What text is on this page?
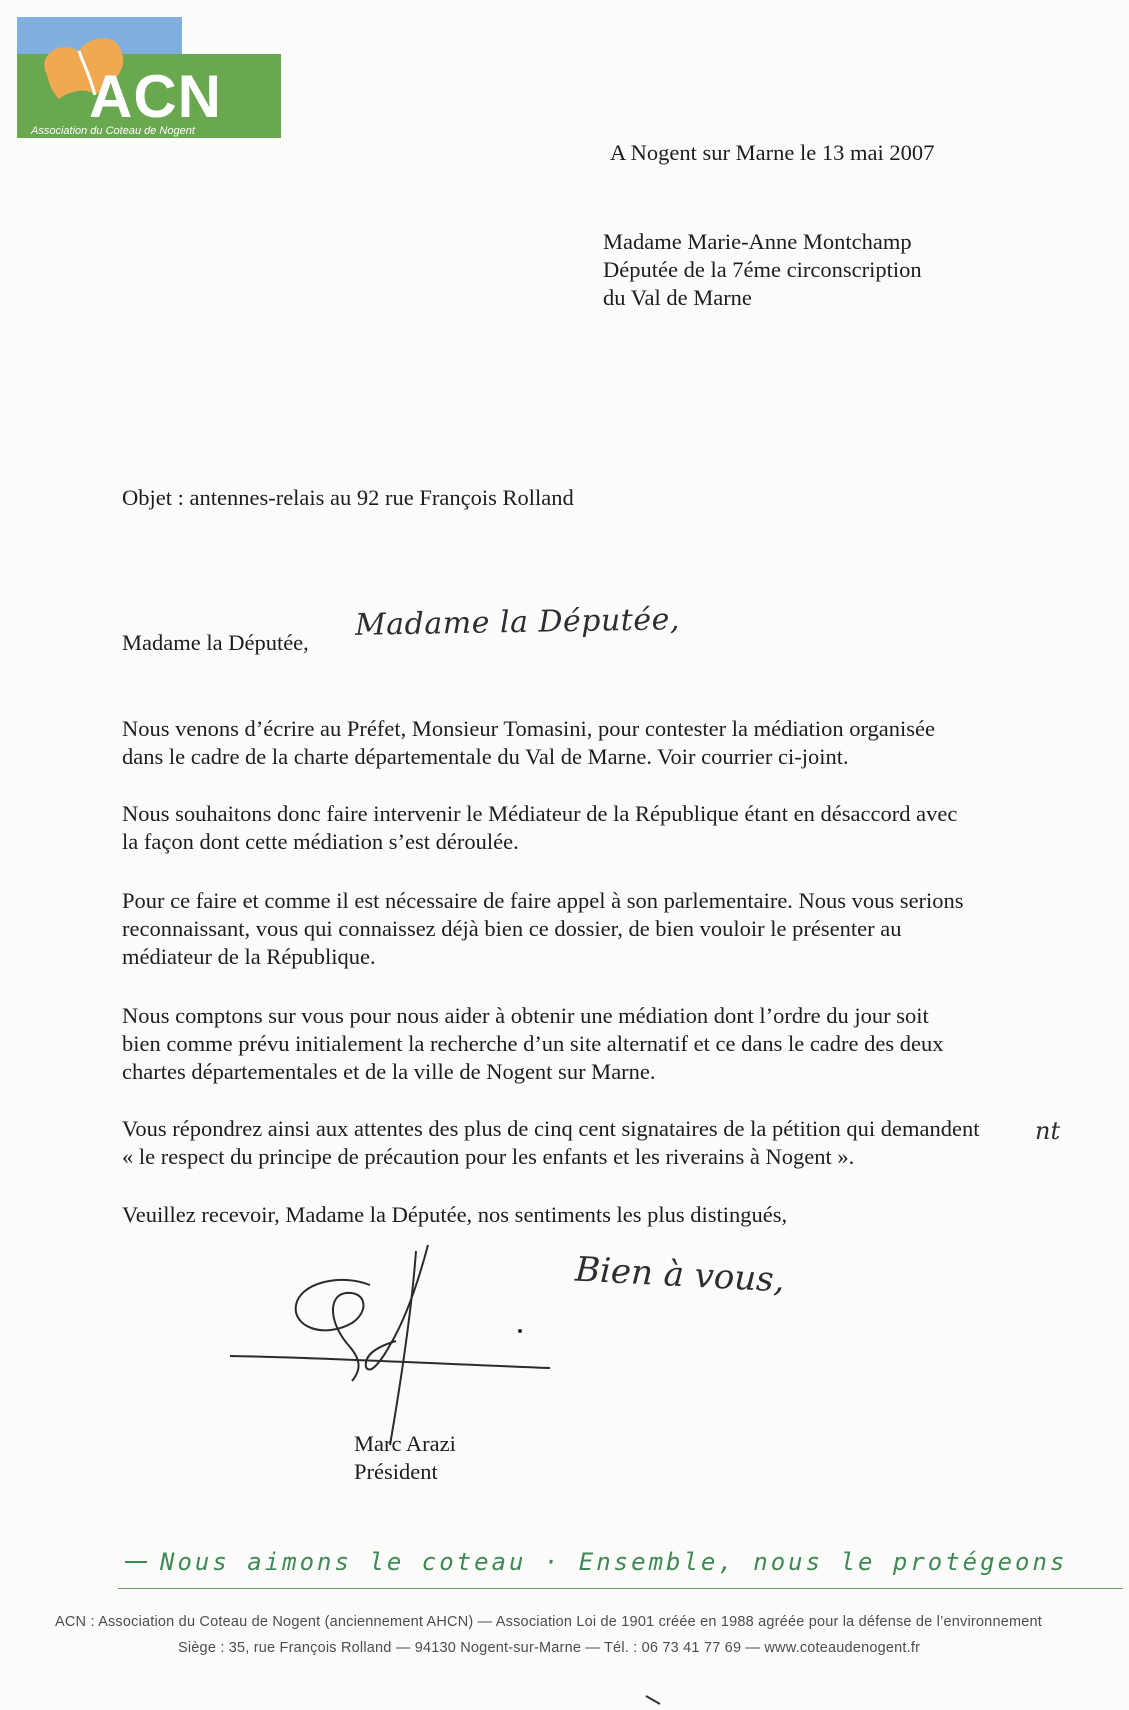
ACN
Association du Coteau de Nogent
A Nogent sur Marne le 13 mai 2007
Madame Marie-Anne Montchamp
Députée de la 7éme circonscription
du Val de Marne
Objet : antennes-relais au 92 rue François Rolland
Madame la Députée, Madame la Députée,
Nous venons d’écrire au Préfet, Monsieur Tomasini, pour contester la médiation organisée
dans le cadre de la charte départementale du Val de Marne. Voir courrier ci-joint.
Nous souhaitons donc faire intervenir le Médiateur de la République étant en désaccord avec
la façon dont cette médiation s’est déroulée.
Pour ce faire et comme il est nécessaire de faire appel à son parlementaire. Nous vous serions
reconnaissant, vous qui connaissez déjà bien ce dossier, de bien vouloir le présenter au
médiateur de la République.
Nous comptons sur vous pour nous aider à obtenir une médiation dont l’ordre du jour soit
bien comme prévu initialement la recherche d’un site alternatif et ce dans le cadre des deux
chartes départementales et de la ville de Nogent sur Marne.
Vous répondrez ainsi aux attentes des plus de cinq cent signataires de la pétition qui demandent
« le respect du principe de précaution pour les enfants et les riverains à Nogent ».
nt
Veuillez recevoir, Madame la Députée, nos sentiments les plus distingués,
Bien à vous,
Marc Arazi
Président
Nous aimons le coteau · Ensemble, nous le protégeons
ACN : Association du Coteau de Nogent (anciennement AHCN) — Association Loi de 1901 créée en 1988 agréée pour la défense de l’environnement
Siège : 35, rue François Rolland — 94130 Nogent-sur-Marne — Tél. : 06 73 41 77 69 — www.coteaudenogent.fr
